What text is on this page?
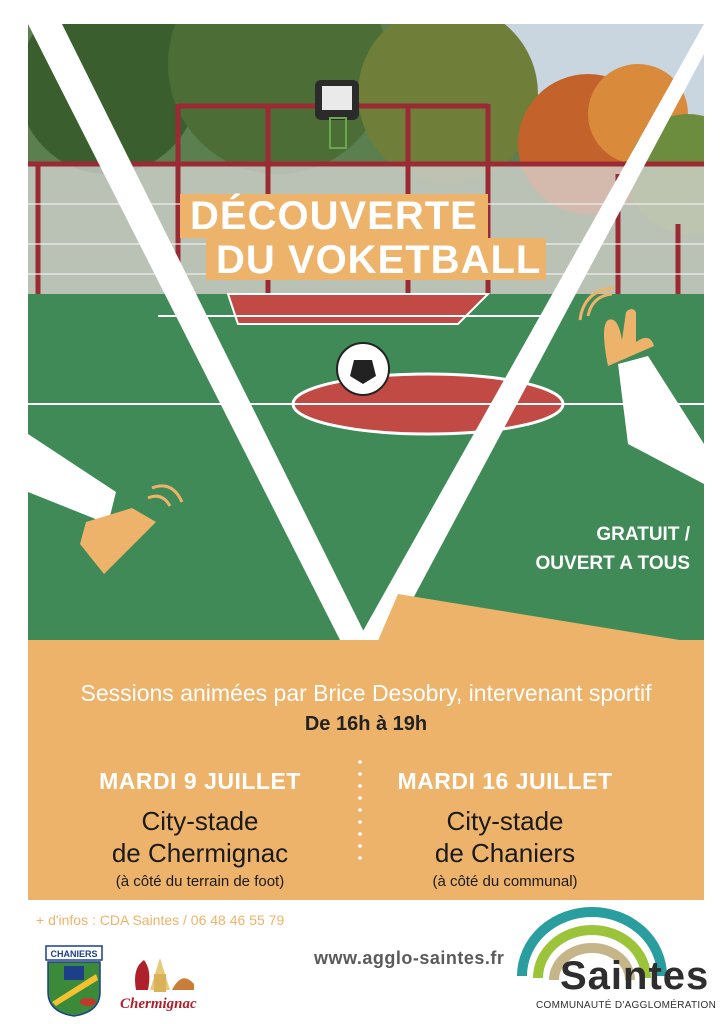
DÉCOUVERTE
DU VOKETBALL
GRATUIT /
OUVERT A TOUS
Sessions animées par Brice Desobry, intervenant sportif
De 16h à 19h
MARDI 9 JUILLET
City-stade
de Chermignac
(à côté du terrain de foot)
MARDI 16 JUILLET
City-stade
de Chaniers
(à côté du communal)
+ d'infos : CDA Saintes / 06 48 46 55 79
www.agglo-saintes.fr
CHANIERS
Chermignac
Saintes
COMMUNAUTÉ D'AGGLOMÉRATION
